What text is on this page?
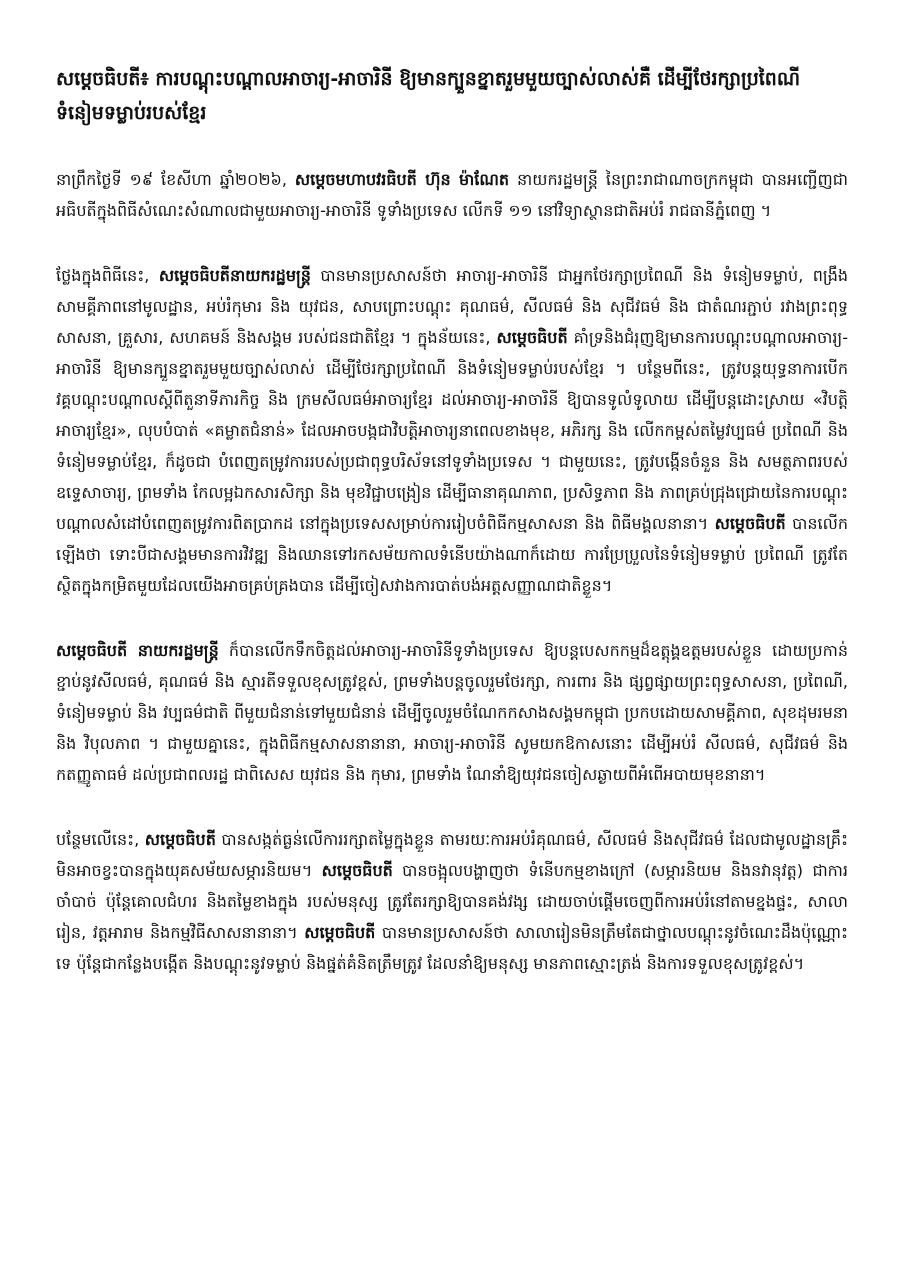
សម្តេចធិបតី៖ ការបណ្តុះបណ្តាលអាចារ្យ-អាចារិនី ឱ្យមានក្បួនខ្នាតរួមមួយច្បាស់លាស់គឺ ដើម្បីថែរក្សាប្រពៃណី ទំនៀមទម្លាប់របស់ខ្មែរ
នាព្រឹកថ្ងៃទី ១៩ ខែសីហា ឆ្នាំ២០២៦, សម្តេចមហាបវរធិបតី ហ៊ុន ម៉ាណែត នាយករដ្ឋមន្ត្រី នៃព្រះរាជាណាចក្រកម្ពុជា បានអញ្ជើញជាអធិបតីក្នុងពិធីសំណេះសំណាលជាមួយអាចារ្យ-អាចារិនី ទូទាំងប្រទេស លើកទី ១១ នៅវិទ្យាស្ថានជាតិអប់រំ រាជធានីភ្នំពេញ ។
ថ្លែងក្នុងពិធីនេះ, សម្តេចធិបតីនាយករដ្ឋមន្ត្រី បានមានប្រសាសន៍ថា អាចារ្យ-អាចារិនី ជាអ្នកថែរក្សាប្រពៃណី និង ទំនៀមទម្លាប់, ពង្រឹងសាមគ្គីភាពនៅមូលដ្ឋាន, អប់រំកុមារ និង យុវជន, សាបព្រោះបណ្តុះ គុណធម៌, សីលធម៌ និង សុជីវធម៌ និង ជាតំណរភ្ជាប់ រវាងព្រះពុទ្ធសាសនា, គ្រួសារ, សហគមន៍ និងសង្គម របស់ជនជាតិខ្មែរ ។ ក្នុងន័យនេះ, សម្តេចធិបតី គាំទ្រនិងជំរុញឱ្យមានការបណ្តុះបណ្តាលអាចារ្យ-អាចារិនី ឱ្យមានក្បួនខ្នាតរួមមួយច្បាស់លាស់ ដើម្បីថែរក្សាប្រពៃណី និងទំនៀមទម្លាប់របស់ខ្មែរ ។ បន្ថែមពីនេះ, ត្រូវបន្តយុទ្ធនាការបើកវគ្គបណ្តុះបណ្តាលស្តីពីតួនាទីភារកិច្ច និង ក្រមសីលធម៌អាចារ្យខ្មែរ ដល់អាចារ្យ-អាចារិនី ឱ្យបានទូលំទូលាយ ដើម្បីបន្តដោះស្រាយ «វិបត្តិអាចារ្យខ្មែរ», លុបបំបាត់ «គម្លាតជំនាន់» ដែលអាចបង្កជាវិបត្តិអាចារ្យនាពេលខាងមុខ, អភិរក្ស និង លើកកម្ពស់តម្លៃវប្បធម៌ ប្រពៃណី និង ទំនៀមទម្លាប់ខ្មែរ, ក៏ដូចជា បំពេញតម្រូវការរបស់ប្រជាពុទ្ធបរិស័ទនៅទូទាំងប្រទេស ។ ជាមួយនេះ, ត្រូវបង្កើនចំនួន និង សមត្ថភាពរបស់ឧទ្ទេសាចារ្យ, ព្រមទាំង កែលម្អឯកសារសិក្សា និង មុខវិជ្ជាបង្រៀន ដើម្បីធានាគុណភាព, ប្រសិទ្ធភាព និង ភាពគ្រប់ជ្រុងជ្រោយនៃការបណ្តុះបណ្តាលសំដៅបំពេញតម្រូវការពិតប្រាកដ នៅក្នុងប្រទេសសម្រាប់ការរៀបចំពិធីកម្មសាសនា និង ពិធីមង្គលនានា។ សម្តេចធិបតី បានលើកឡើងថា ទោះបីជាសង្គមមានការវិវឌ្ឍ និងឈានទៅរកសម័យកាលទំនើបយ៉ាងណាក៏ដោយ ការប្រែប្រួលនៃទំនៀមទម្លាប់ ប្រពៃណី ត្រូវតែស្ថិតក្នុងកម្រិតមួយដែលយើងអាចគ្រប់គ្រងបាន ដើម្បីចៀសវាងការបាត់បង់អត្តសញ្ញាណជាតិខ្លួន។
សម្តេចធិបតី នាយករដ្ឋមន្ត្រី ក៏បានលើកទឹកចិត្តដល់អាចារ្យ-អាចារិនីទូទាំងប្រទេស ឱ្យបន្តបេសកកម្មដ៏ឧត្តុង្គឧត្តមរបស់ខ្លួន ដោយប្រកាន់ខ្ជាប់នូវសីលធម៌, គុណធម៌ និង ស្មារតីទទួលខុសត្រូវខ្ពស់, ព្រមទាំងបន្តចូលរួមថែរក្សា, ការពារ និង ផ្សព្វផ្សាយព្រះពុទ្ធសាសនា, ប្រពៃណី, ទំនៀមទម្លាប់ និង វប្បធម៌ជាតិ ពីមួយជំនាន់ទៅមួយជំនាន់ ដើម្បីចូលរួមចំណែកកសាងសង្គមកម្ពុជា ប្រកបដោយសាមគ្គីភាព, សុខដុមរមនា និង វិបុលភាព ។ ជាមួយគ្នានេះ, ក្នុងពិធីកម្មសាសនានានា, អាចារ្យ-អាចារិនី សូមយកឱកាសនោះ ដើម្បីអប់រំ សីលធម៌, សុជីវធម៌ និង កតញ្ញូតាធម៌ ដល់ប្រជាពលរដ្ឋ ជាពិសេស យុវជន និង កុមារ, ព្រមទាំង ណែនាំឱ្យយុវជនចៀសឆ្ងាយពីអំពើអបាយមុខនានា។
បន្ថែមលើនេះ, សម្តេចធិបតី បានសង្កត់ធ្ងន់លើការរក្សាតម្លៃក្នុងខ្លួន តាមរយៈការអប់រំគុណធម៌, សីលធម៌ និងសុជីវធម៌ ដែលជាមូលដ្ឋានគ្រឹះមិនអាចខ្វះបានក្នុងយុគសម័យសម្ភារនិយម។ សម្តេចធិបតី បានចង្អុលបង្ហាញថា ទំនើបកម្មខាងក្រៅ (សម្ភារនិយម និងនវានុវត្ត) ជាការចាំបាច់ ប៉ុន្តែគោលជំហរ និងតម្លៃខាងក្នុង របស់មនុស្ស ត្រូវតែរក្សាឱ្យបានគង់វង្ស ដោយចាប់ផ្តើមចេញពីការអប់រំនៅតាមខ្នងផ្ទះ, សាលារៀន, វត្តអារាម និងកម្មវិធីសាសនានានា។ សម្តេចធិបតី បានមានប្រសាសន៍ថា សាលារៀនមិនត្រឹមតែជាថ្នាលបណ្តុះនូវចំណេះដឹងប៉ុណ្ណោះទេ ប៉ុន្តែជាកន្លែងបង្កើត និងបណ្តុះនូវទម្លាប់ និងផ្នត់គំនិតត្រឹមត្រូវ ដែលនាំឱ្យមនុស្ស មានភាពស្មោះត្រង់ និងការទទួលខុសត្រូវខ្ពស់។
